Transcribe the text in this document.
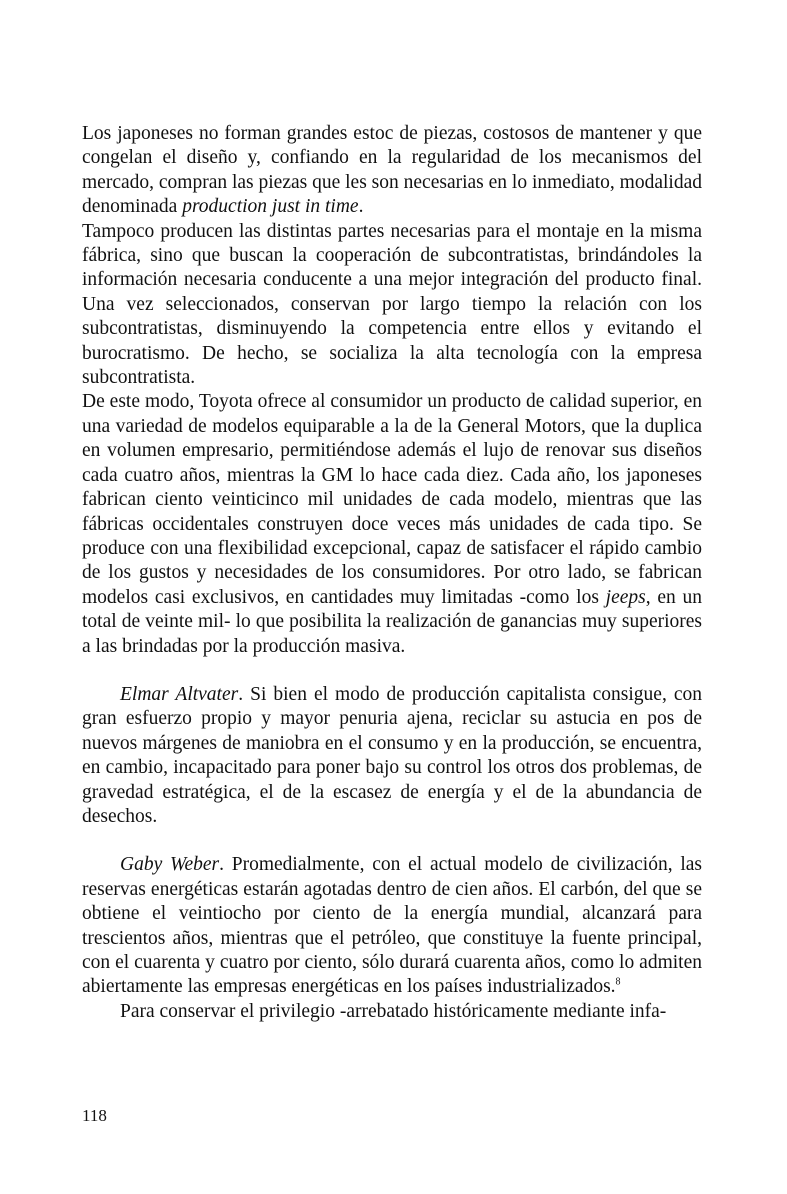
Los japoneses no forman grandes estoc de piezas, costosos de mantener y que congelan el diseño y, confiando en la regularidad de los mecanismos del mercado, compran las piezas que les son necesarias en lo inmediato, modalidad denominada production just in time.

Tampoco producen las distintas partes necesarias para el montaje en la misma fábrica, sino que buscan la cooperación de subcontratistas, brindándoles la información necesaria conducente a una mejor integración del producto final. Una vez seleccionados, conservan por largo tiempo la relación con los subcontratistas, disminuyendo la competencia entre ellos y evitando el burocratismo. De hecho, se socializa la alta tecnología con la empresa subcontratista.

De este modo, Toyota ofrece al consumidor un producto de calidad superior, en una variedad de modelos equiparable a la de la General Motors, que la duplica en volumen empresario, permitiéndose además el lujo de renovar sus diseños cada cuatro años, mientras la GM lo hace cada diez. Cada año, los japoneses fabrican ciento veinticinco mil unidades de cada modelo, mientras que las fábricas occidentales construyen doce veces más unidades de cada tipo. Se produce con una flexibilidad excepcional, capaz de satisfacer el rápido cambio de los gustos y necesidades de los consumidores. Por otro lado, se fabrican modelos casi exclusivos, en cantidades muy limitadas -como los jeeps, en un total de veinte mil- lo que posibilita la realización de ganancias muy superiores a las brindadas por la producción masiva.

Elmar Altvater. Si bien el modo de producción capitalista consigue, con gran esfuerzo propio y mayor penuria ajena, reciclar su astucia en pos de nuevos márgenes de maniobra en el consumo y en la producción, se encuentra, en cambio, incapacitado para poner bajo su control los otros dos problemas, de gravedad estratégica, el de la escasez de energía y el de la abundancia de desechos.

Gaby Weber. Promedialmente, con el actual modelo de civilización, las reservas energéticas estarán agotadas dentro de cien años. El carbón, del que se obtiene el veintiocho por ciento de la energía mundial, alcanzará para trescientos años, mientras que el petróleo, que constituye la fuente principal, con el cuarenta y cuatro por ciento, sólo durará cuarenta años, como lo admiten abiertamente las empresas energéticas en los países industrializados.$^8$

Para conservar el privilegio -arrebatado históricamente mediante infa-

118
